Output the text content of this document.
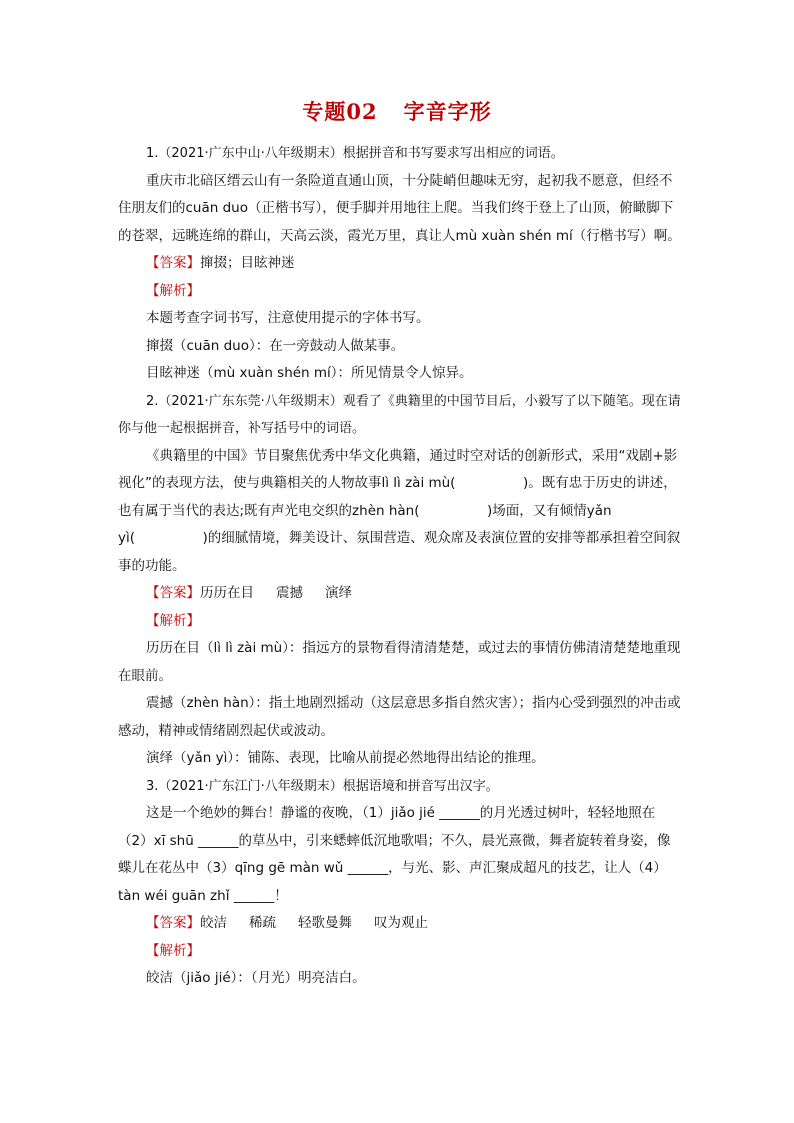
专题02 字音字形

1.（2021·广东中山·八年级期末）根据拼音和书写要求写出相应的词语。

重庆市北碚区缙云山有一条险道直通山顶，十分陡峭但趣味无穷，起初我不愿意，但经不住朋友们的cuān duo（正楷书写），便手脚并用地往上爬。当我们终于登上了山顶，俯瞰脚下的苍翠，远眺连绵的群山，天高云淡，霞光万里，真让人mù xuàn shén mí（行楷书写）啊。

【答案】撺掇；目眩神迷

【解析】

本题考查字词书写，注意使用提示的字体书写。

撺掇（cuān duo）：在一旁鼓动人做某事。

目眩神迷（mù xuàn shén mí）：所见情景令人惊异。

2.（2021·广东东莞·八年级期末）观看了《典籍里的中国节目后，小毅写了以下随笔。现在请你与他一起根据拼音，补写括号中的词语。

《典籍里的中国》节目聚焦优秀中华文化典籍，通过时空对话的创新形式，采用“戏剧+影视化”的表现方法，使与典籍相关的人物故事lì lì zài mù(　　　　　)。既有忠于历史的讲述，也有属于当代的表达;既有声光电交织的zhèn hàn(　　　　　)场面，又有倾情yǎn yì(　　　　　)的细腻情境，舞美设计、氛围营造、观众席及表演位置的安排等都承担着空间叙事的功能。

【答案】历历在目 震撼 演绎

【解析】

历历在目（lì lì zài mù）：指远方的景物看得清清楚楚，或过去的事情仿佛清清楚楚地重现在眼前。

震撼（zhèn hàn）：指土地剧烈摇动（这层意思多指自然灾害）；指内心受到强烈的冲击或感动，精神或情绪剧烈起伏或波动。

演绎（yǎn yì）：铺陈、表现，比喻从前提必然地得出结论的推理。

3.（2021·广东江门·八年级期末）根据语境和拼音写出汉字。

这是一个绝妙的舞台！静谧的夜晚，（1）jiǎo jié ______的月光透过树叶，轻轻地照在（2）xī shū ______的草丛中，引来蟋蟀低沉地歌唱；不久，晨光熹微，舞者旋转着身姿，像蝶儿在花丛中（3）qīng gē màn wǔ ______，与光、影、声汇聚成超凡的技艺，让人（4）tàn wéi guān zhǐ ______！

【答案】皎洁 稀疏 轻歌曼舞 叹为观止

【解析】

皎洁（jiǎo jié）：（月光）明亮洁白。
